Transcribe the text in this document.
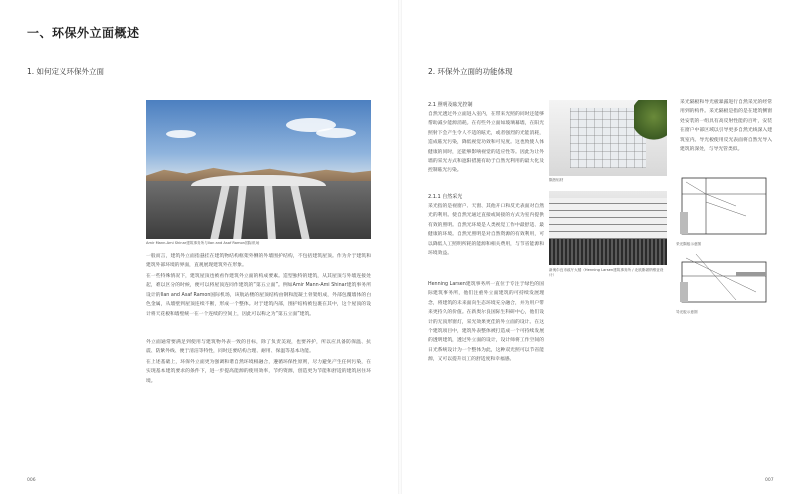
一、环保外立面概述
1. 如何定义环保外立面
Amir Mann-Ami Shinar建筑事务所与Ilan and Asaf Ramon国际机场

一般而言，建筑外立面指悬挂在建筑物结构框架外侧的外墙围护结构，不包括建筑屋顶。作为介于建筑和建筑外部环境的界面，直观展现建筑外在形象。

在一些特殊情况下，建筑屋顶也被看作建筑外立面的构成要素。造型独特的建筑，从其屋顶与外墙连接处起，难以区分的时候，便可以将屋顶连同作建筑的“第五立面”。例如Amir Mann-Ami Shinar建筑事务所设计的Ilan and Asaf Ramon国际机场，该航站楼的屋顶结构由钢和混凝土骨架组成，外部包覆墙体的白色金属，从墙壁到屋顶连续不断，形成一个整体。对于建筑内部，围护结构被包裹在其中，这个屋顶的设计将天花板和墙壁统一在一个连续的空间上，因此可以称之为“第五立面”建筑。

外立面通常要满足到使用与建筑物外表一致的目标，除了负责美观，也要养护，所以应具备防保温、抗震、防紫外线、便于清洁等特性，同时还要结构合理、耐用、保温等基本功能。

在上述基础上，环保外立面更为强调和谐自然环境相融合，遵循环保性原则，尽力避免产生任何污染，在实现基本建筑要求的条件下，进一步提高能源的使用效率，节约资源，创造更为节能和舒适的建筑居住环境。

006
2. 环保外立面的功能体现
2.1 照明及眩光控制

自然光透过外立面进入室内，在带来光照的同时还能够帮助减少能源消耗。在有些外立面如玻璃幕墙，在阳光照射下会产生令人不适的眩光，或者强烈的光能消耗，造成眩光污染，降低视觉功效和可见度。这也致使人体健康的同时，还能够影响视觉的适应性等。因此为让外墙的采光方式和遮阳措施有助于自然光利用的最大化及控制眩光污染。

2.1.1 自然采光

采光指的是视窗户、天窗、其他开口和反光表面对自然光的利用。使自然光通过直接或间接的方式为室内提供有效的照明。自然光环境是人类视觉工作中最舒适、最健康的环境。自然光照明是对自然资源的有效利用，可以降低人工照明所耗的能源和相关费用，与节省能源和环境效益。

Henning Larsen建筑事务所一直位于专注于绿色的国际建筑事务所，他们注重外立面建筑的可持续发展理念，将建筑的未来面向生态环境充分融合，并为用户带来更持久的价值。在新奥尔良国际生科研中心，他们设计的无顶形窗灯，采光效果更佳的外立面的设计。在这个建筑项目中，建筑外表整体被打造成一个可持续发展的透明建筑，透过外立面的设计，设计师将工作空间的日光系统设计为一个整体为此，这种双光照可以节省能源，又可以提升员工的舒适度和幸福感。

007
隔热铝材
新奥尔良市政厅大楼（Henning Larsen建筑事务所 / 北欧斯堪纳维亚设计）

采光隔板和导光板暴露进行自然采光的经常用到的构件。采光隔板是指的是在建筑侧窗处安装的一组具有高反射性能的百叶，安装在窗户中部区域以引导更多自然光线深入建筑室内。导光板使用反光表面将自然光导入建筑的深处，与导光管类似。

采光隔板示意图
导光板示意图
